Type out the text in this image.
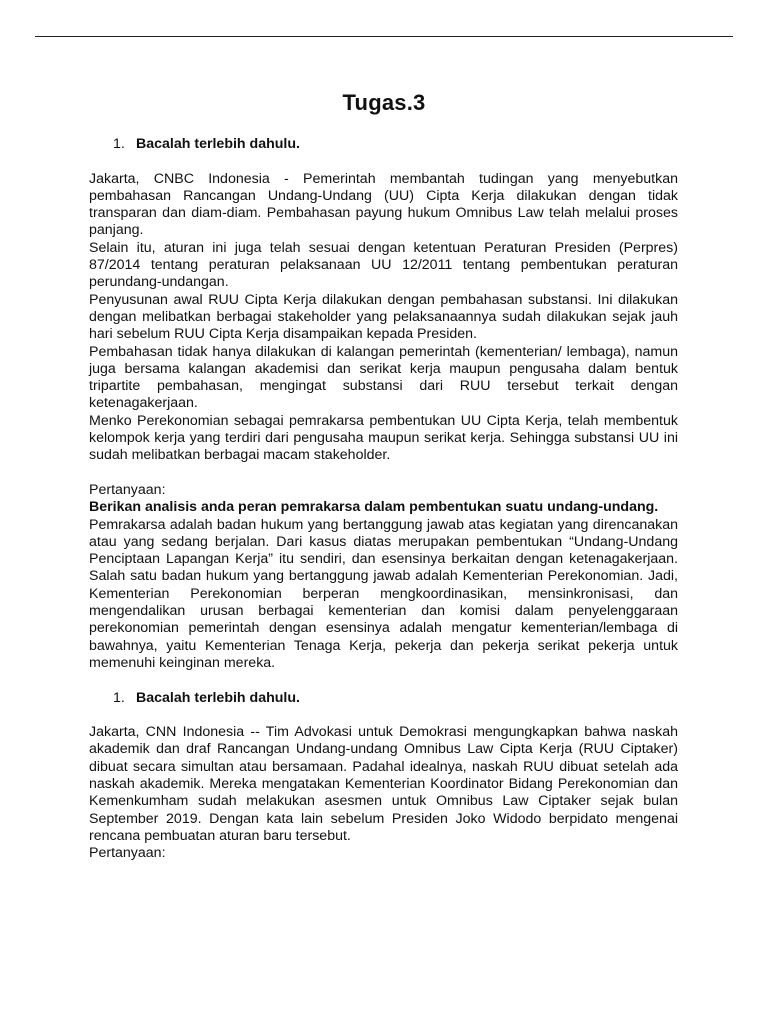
Tugas.3
1. Bacalah terlebih dahulu.

Jakarta, CNBC Indonesia - Pemerintah membantah tudingan yang menyebutkan pembahasan Rancangan Undang-Undang (UU) Cipta Kerja dilakukan dengan tidak transparan dan diam-diam. Pembahasan payung hukum Omnibus Law telah melalui proses panjang.

Selain itu, aturan ini juga telah sesuai dengan ketentuan Peraturan Presiden (Perpres) 87/2014 tentang peraturan pelaksanaan UU 12/2011 tentang pembentukan peraturan perundang-undangan.

Penyusunan awal RUU Cipta Kerja dilakukan dengan pembahasan substansi. Ini dilakukan dengan melibatkan berbagai stakeholder yang pelaksanaannya sudah dilakukan sejak jauh hari sebelum RUU Cipta Kerja disampaikan kepada Presiden.

Pembahasan tidak hanya dilakukan di kalangan pemerintah (kementerian/ lembaga), namun juga bersama kalangan akademisi dan serikat kerja maupun pengusaha dalam bentuk tripartite pembahasan, mengingat substansi dari RUU tersebut terkait dengan ketenagakerjaan.

Menko Perekonomian sebagai pemrakarsa pembentukan UU Cipta Kerja, telah membentuk kelompok kerja yang terdiri dari pengusaha maupun serikat kerja. Sehingga substansi UU ini sudah melibatkan berbagai macam stakeholder.

Pertanyaan:

Berikan analisis anda peran pemrakarsa dalam pembentukan suatu undang-undang.

Pemrakarsa adalah badan hukum yang bertanggung jawab atas kegiatan yang direncanakan atau yang sedang berjalan. Dari kasus diatas merupakan pembentukan “Undang-Undang Penciptaan Lapangan Kerja” itu sendiri, dan esensinya berkaitan dengan ketenagakerjaan. Salah satu badan hukum yang bertanggung jawab adalah Kementerian Perekonomian. Jadi, Kementerian Perekonomian berperan mengkoordinasikan, mensinkronisasi, dan mengendalikan urusan berbagai kementerian dan komisi dalam penyelenggaraan perekonomian pemerintah dengan esensinya adalah mengatur kementerian/lembaga di bawahnya, yaitu Kementerian Tenaga Kerja, pekerja dan pekerja serikat pekerja untuk memenuhi keinginan mereka.

1. Bacalah terlebih dahulu.

Jakarta, CNN Indonesia -- Tim Advokasi untuk Demokrasi mengungkapkan bahwa naskah akademik dan draf Rancangan Undang-undang Omnibus Law Cipta Kerja (RUU Ciptaker) dibuat secara simultan atau bersamaan. Padahal idealnya, naskah RUU dibuat setelah ada naskah akademik. Mereka mengatakan Kementerian Koordinator Bidang Perekonomian dan Kemenkumham sudah melakukan asesmen untuk Omnibus Law Ciptaker sejak bulan September 2019. Dengan kata lain sebelum Presiden Joko Widodo berpidato mengenai rencana pembuatan aturan baru tersebut.

Pertanyaan:
